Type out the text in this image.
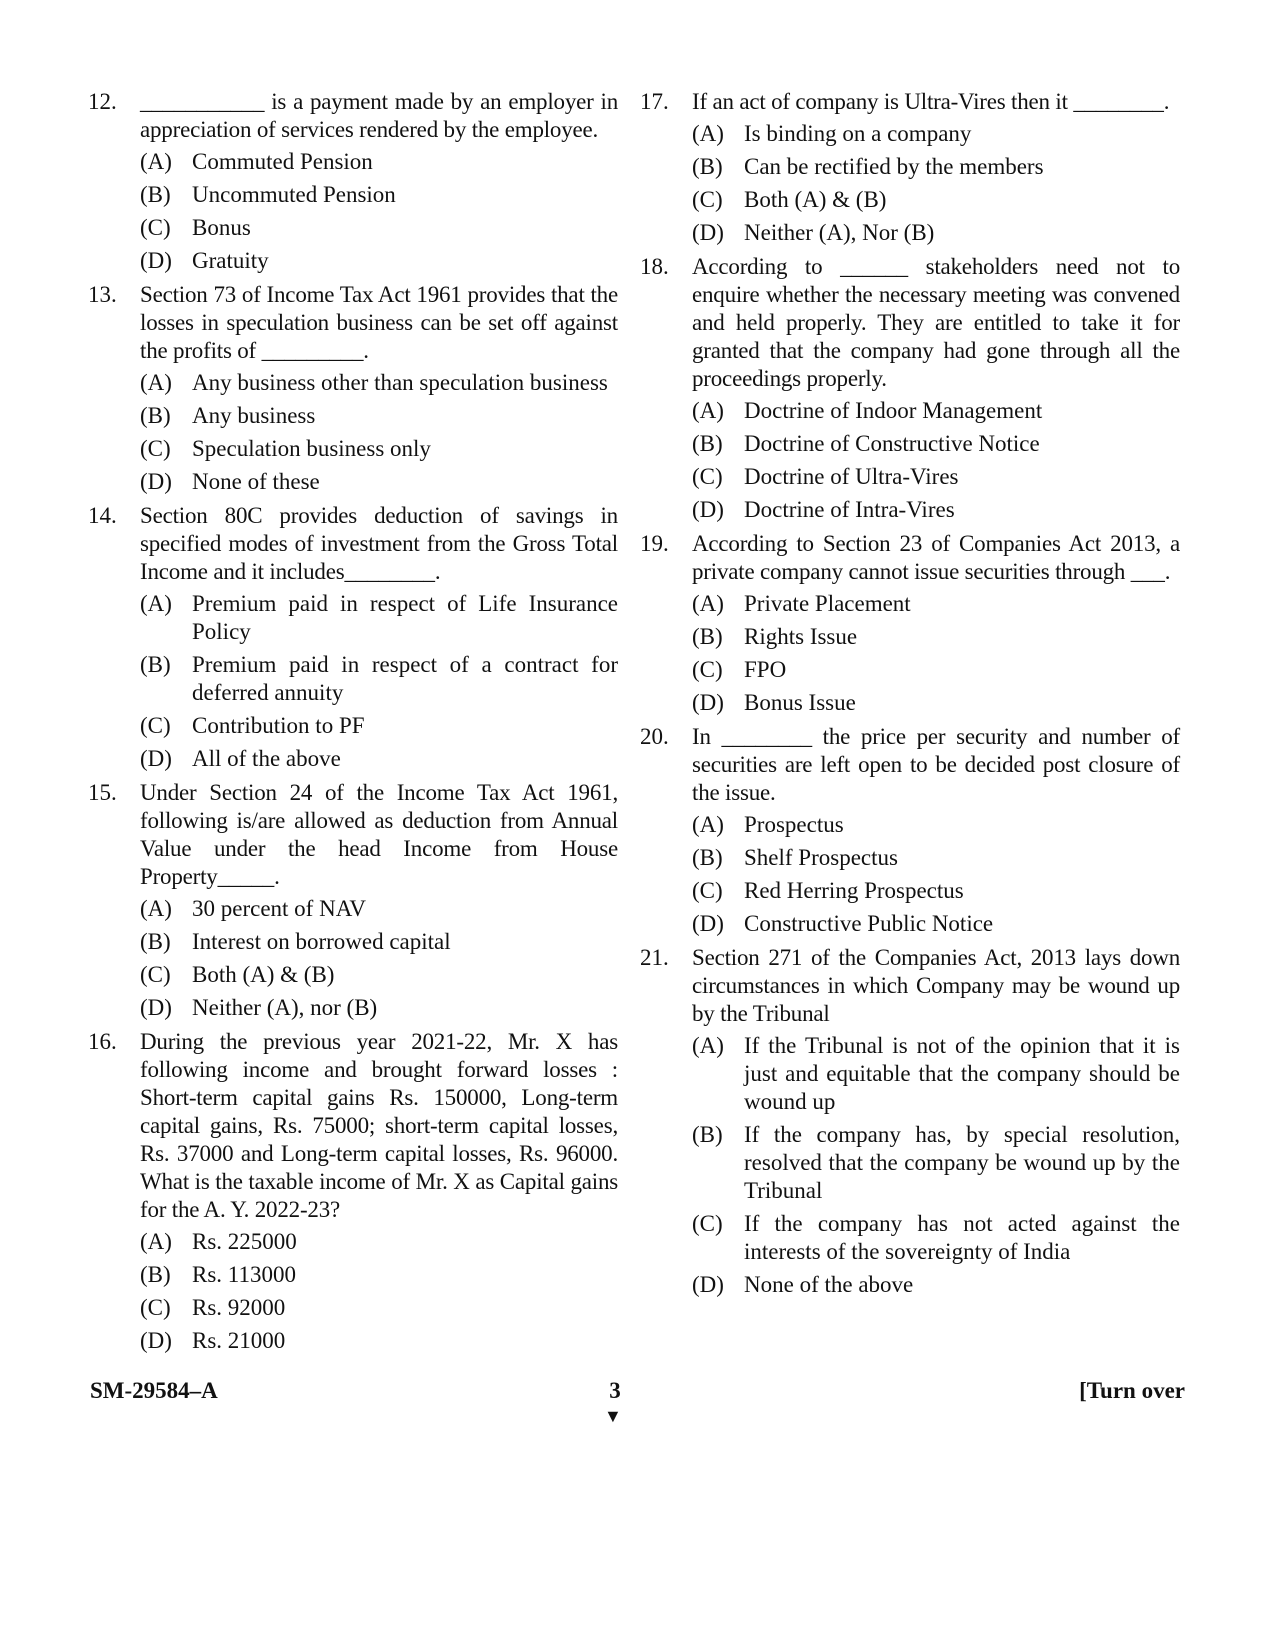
12. ___________ is a payment made by an employer in appreciation of services rendered by the employee.
(A) Commuted Pension
(B) Uncommuted Pension
(C) Bonus
(D) Gratuity
13. Section 73 of Income Tax Act 1961 provides that the losses in speculation business can be set off against the profits of _________.
(A) Any business other than speculation business
(B) Any business
(C) Speculation business only
(D) None of these
14. Section 80C provides deduction of savings in specified modes of investment from the Gross Total Income and it includes________.
(A) Premium paid in respect of Life Insurance Policy
(B) Premium paid in respect of a contract for deferred annuity
(C) Contribution to PF
(D) All of the above
15. Under Section 24 of the Income Tax Act 1961, following is/are allowed as deduction from Annual Value under the head Income from House Property_____.
(A) 30 percent of NAV
(B) Interest on borrowed capital
(C) Both (A) & (B)
(D) Neither (A), nor (B)
16. During the previous year 2021-22, Mr. X has following income and brought forward losses : Short-term capital gains Rs. 150000, Long-term capital gains, Rs. 75000; short-term capital losses, Rs. 37000 and Long-term capital losses, Rs. 96000. What is the taxable income of Mr. X as Capital gains for the A. Y. 2022-23?
(A) Rs. 225000
(B) Rs. 113000
(C) Rs. 92000
(D) Rs. 21000
17. If an act of company is Ultra-Vires then it ________.
(A) Is binding on a company
(B) Can be rectified by the members
(C) Both (A) & (B)
(D) Neither (A), Nor (B)
18. According to ______ stakeholders need not to enquire whether the necessary meeting was convened and held properly. They are entitled to take it for granted that the company had gone through all the proceedings properly.
(A) Doctrine of Indoor Management
(B) Doctrine of Constructive Notice
(C) Doctrine of Ultra-Vires
(D) Doctrine of Intra-Vires
19. According to Section 23 of Companies Act 2013, a private company cannot issue securities through ___.
(A) Private Placement
(B) Rights Issue
(C) FPO
(D) Bonus Issue
20. In ________ the price per security and number of securities are left open to be decided post closure of the issue.
(A) Prospectus
(B) Shelf Prospectus
(C) Red Herring Prospectus
(D) Constructive Public Notice
21. Section 271 of the Companies Act, 2013 lays down circumstances in which Company may be wound up by the Tribunal
(A) If the Tribunal is not of the opinion that it is just and equitable that the company should be wound up
(B) If the company has, by special resolution, resolved that the company be wound up by the Tribunal
(C) If the company has not acted against the interests of the sovereignty of India
(D) None of the above
SM-29584–A	3
▼
[Turn over
